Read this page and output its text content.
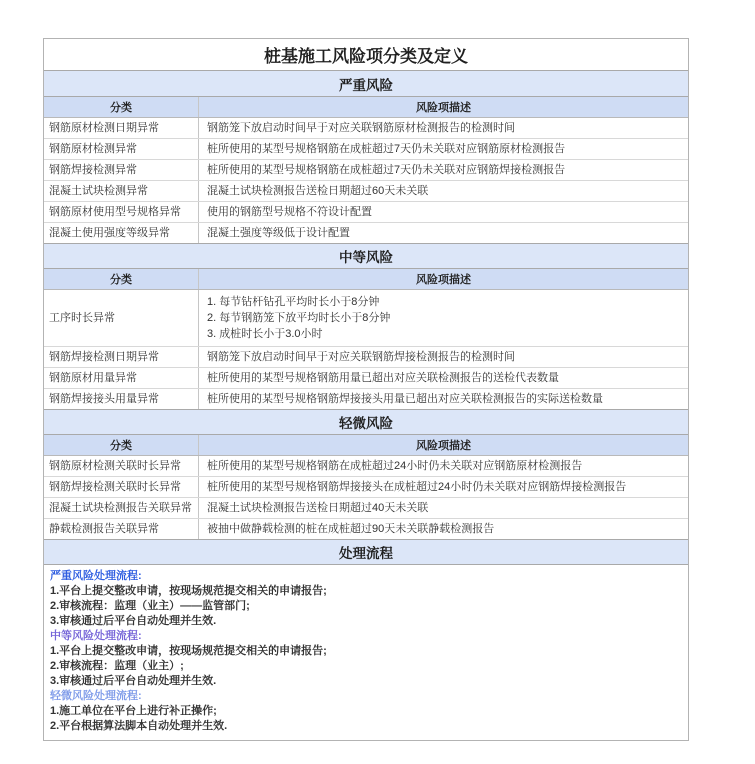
桩基施工风险项分类及定义
严重风险
分类	风险项描述
钢筋原材检测日期异常	钢筋笼下放启动时间早于对应关联钢筋原材检测报告的检测时间
钢筋原材检测异常	桩所使用的某型号规格钢筋在成桩超过7天仍未关联对应钢筋原材检测报告
钢筋焊接检测异常	桩所使用的某型号规格钢筋在成桩超过7天仍未关联对应钢筋焊接检测报告
混凝土试块检测异常	混凝土试块检测报告送检日期超过60天未关联
钢筋原材使用型号规格异常	使用的钢筋型号规格不符设计配置
混凝土使用强度等级异常	混凝土强度等级低于设计配置
中等风险
分类	风险项描述
工序时长异常
1. 每节钻杆钻孔平均时长小于8分钟
2. 每节钢筋笼下放平均时长小于8分钟
3. 成桩时长小于3.0小时
钢筋焊接检测日期异常	钢筋笼下放启动时间早于对应关联钢筋焊接检测报告的检测时间
钢筋原材用量异常	桩所使用的某型号规格钢筋用量已超出对应关联检测报告的送检代表数量
钢筋焊接接头用量异常	桩所使用的某型号规格钢筋焊接接头用量已超出对应关联检测报告的实际送检数量
轻微风险
分类	风险项描述
钢筋原材检测关联时长异常	桩所使用的某型号规格钢筋在成桩超过24小时仍未关联对应钢筋原材检测报告
钢筋焊接检测关联时长异常	桩所使用的某型号规格钢筋焊接接头在成桩超过24小时仍未关联对应钢筋焊接检测报告
混凝土试块检测报告关联异常	混凝土试块检测报告送检日期超过40天未关联
静载检测报告关联异常	被抽中做静载检测的桩在成桩超过90天未关联静载检测报告
处理流程
严重风险处理流程:
1.平台上提交整改申请，按现场规范提交相关的申请报告;
2.审核流程：监理（业主）——监管部门;
3.审核通过后平台自动处理并生效.
中等风险处理流程:
1.平台上提交整改申请，按现场规范提交相关的申请报告;
2.审核流程：监理（业主）;
3.审核通过后平台自动处理并生效.
轻微风险处理流程:
1.施工单位在平台上进行补正操作;
2.平台根据算法脚本自动处理并生效.
